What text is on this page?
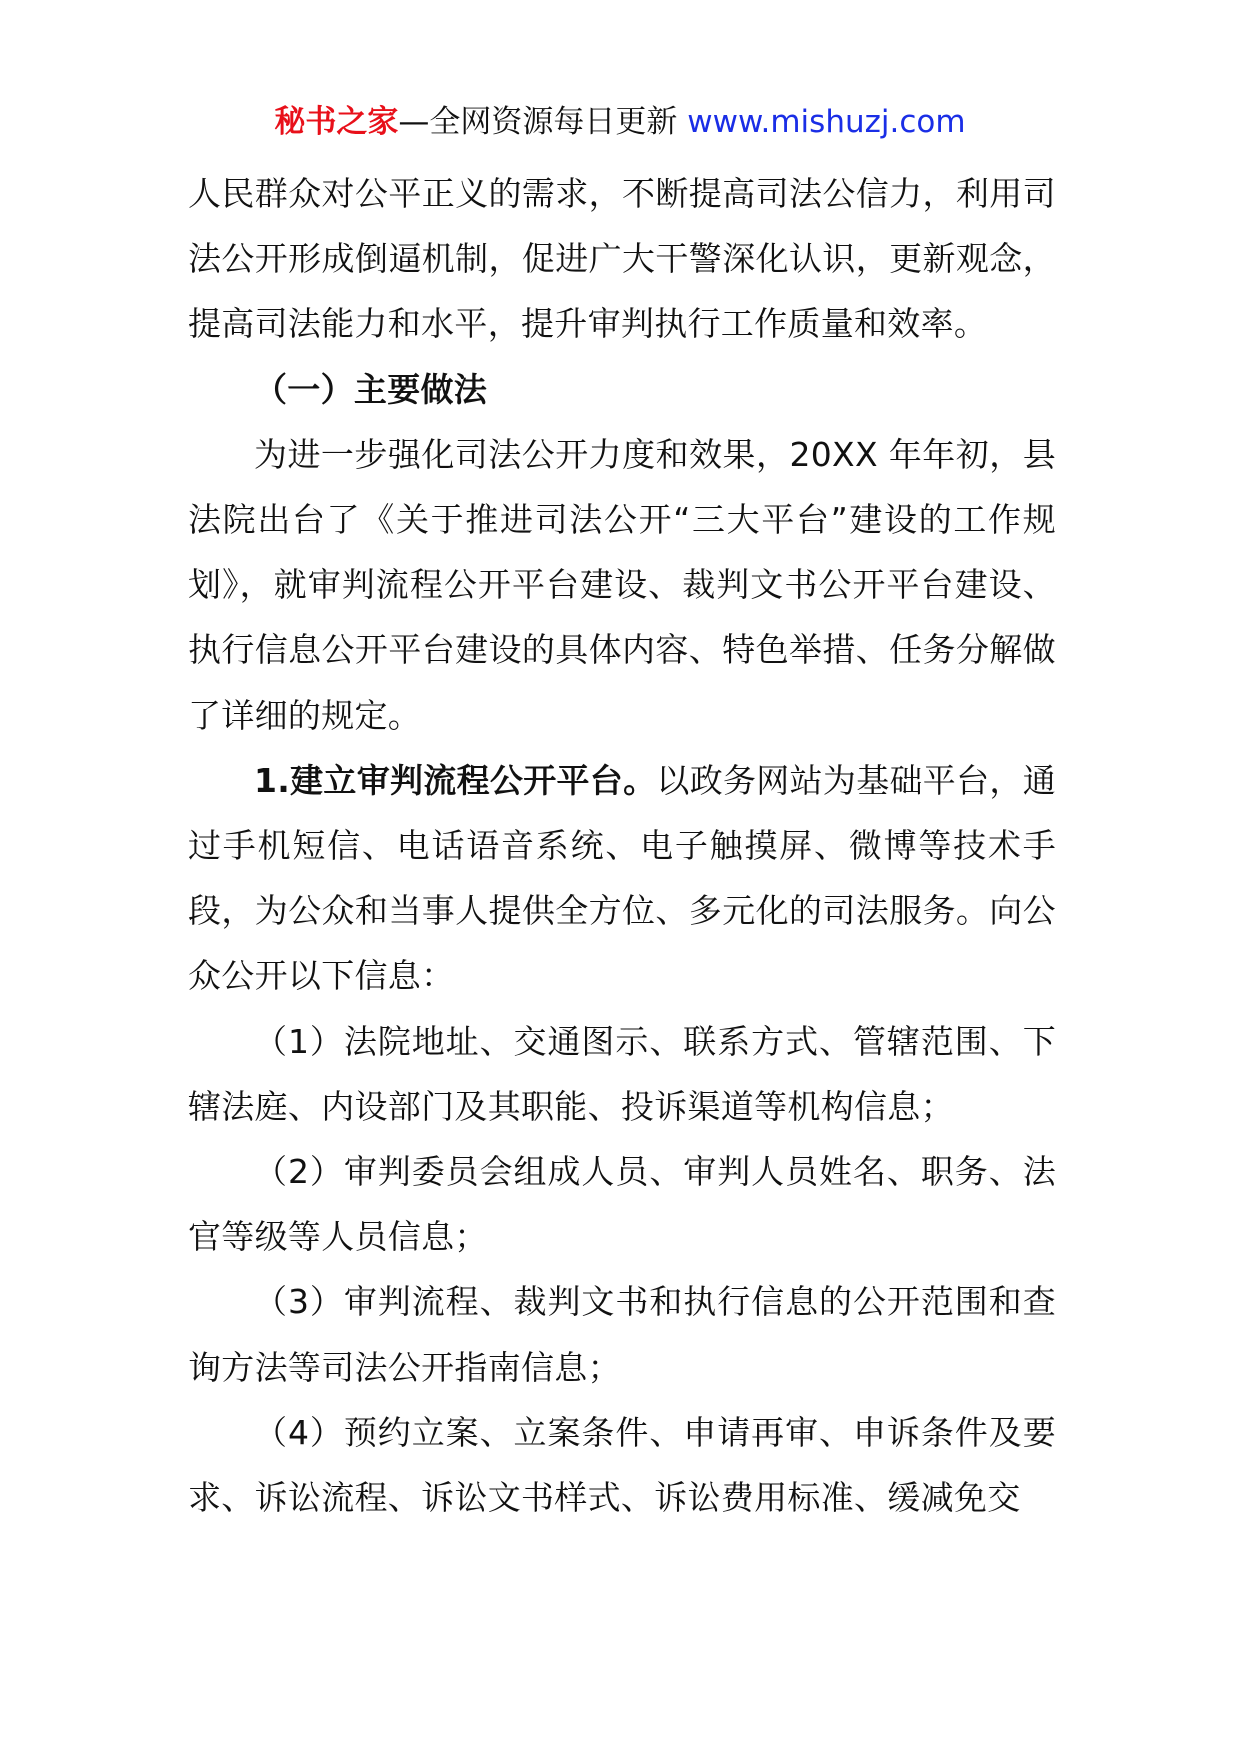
秘书之家—全网资源每日更新 www.mishuzj.com

人民群众对公平正义的需求，不断提高司法公信力，利用司法公开形成倒逼机制，促进广大干警深化认识，更新观念，提高司法能力和水平，提升审判执行工作质量和效率。

（一）主要做法

为进一步强化司法公开力度和效果，20XX 年年初，县法院出台了《关于推进司法公开“三大平台”建设的工作规划》，就审判流程公开平台建设、裁判文书公开平台建设、执行信息公开平台建设的具体内容、特色举措、任务分解做了详细的规定。

1.建立审判流程公开平台。以政务网站为基础平台，通过手机短信、电话语音系统、电子触摸屏、微博等技术手段，为公众和当事人提供全方位、多元化的司法服务。向公众公开以下信息：

（1）法院地址、交通图示、联系方式、管辖范围、下辖法庭、内设部门及其职能、投诉渠道等机构信息；

（2）审判委员会组成人员、审判人员姓名、职务、法官等级等人员信息；

（3）审判流程、裁判文书和执行信息的公开范围和查询方法等司法公开指南信息；

（4）预约立案、立案条件、申请再审、申诉条件及要求、诉讼流程、诉讼文书样式、诉讼费用标准、缓减免交
